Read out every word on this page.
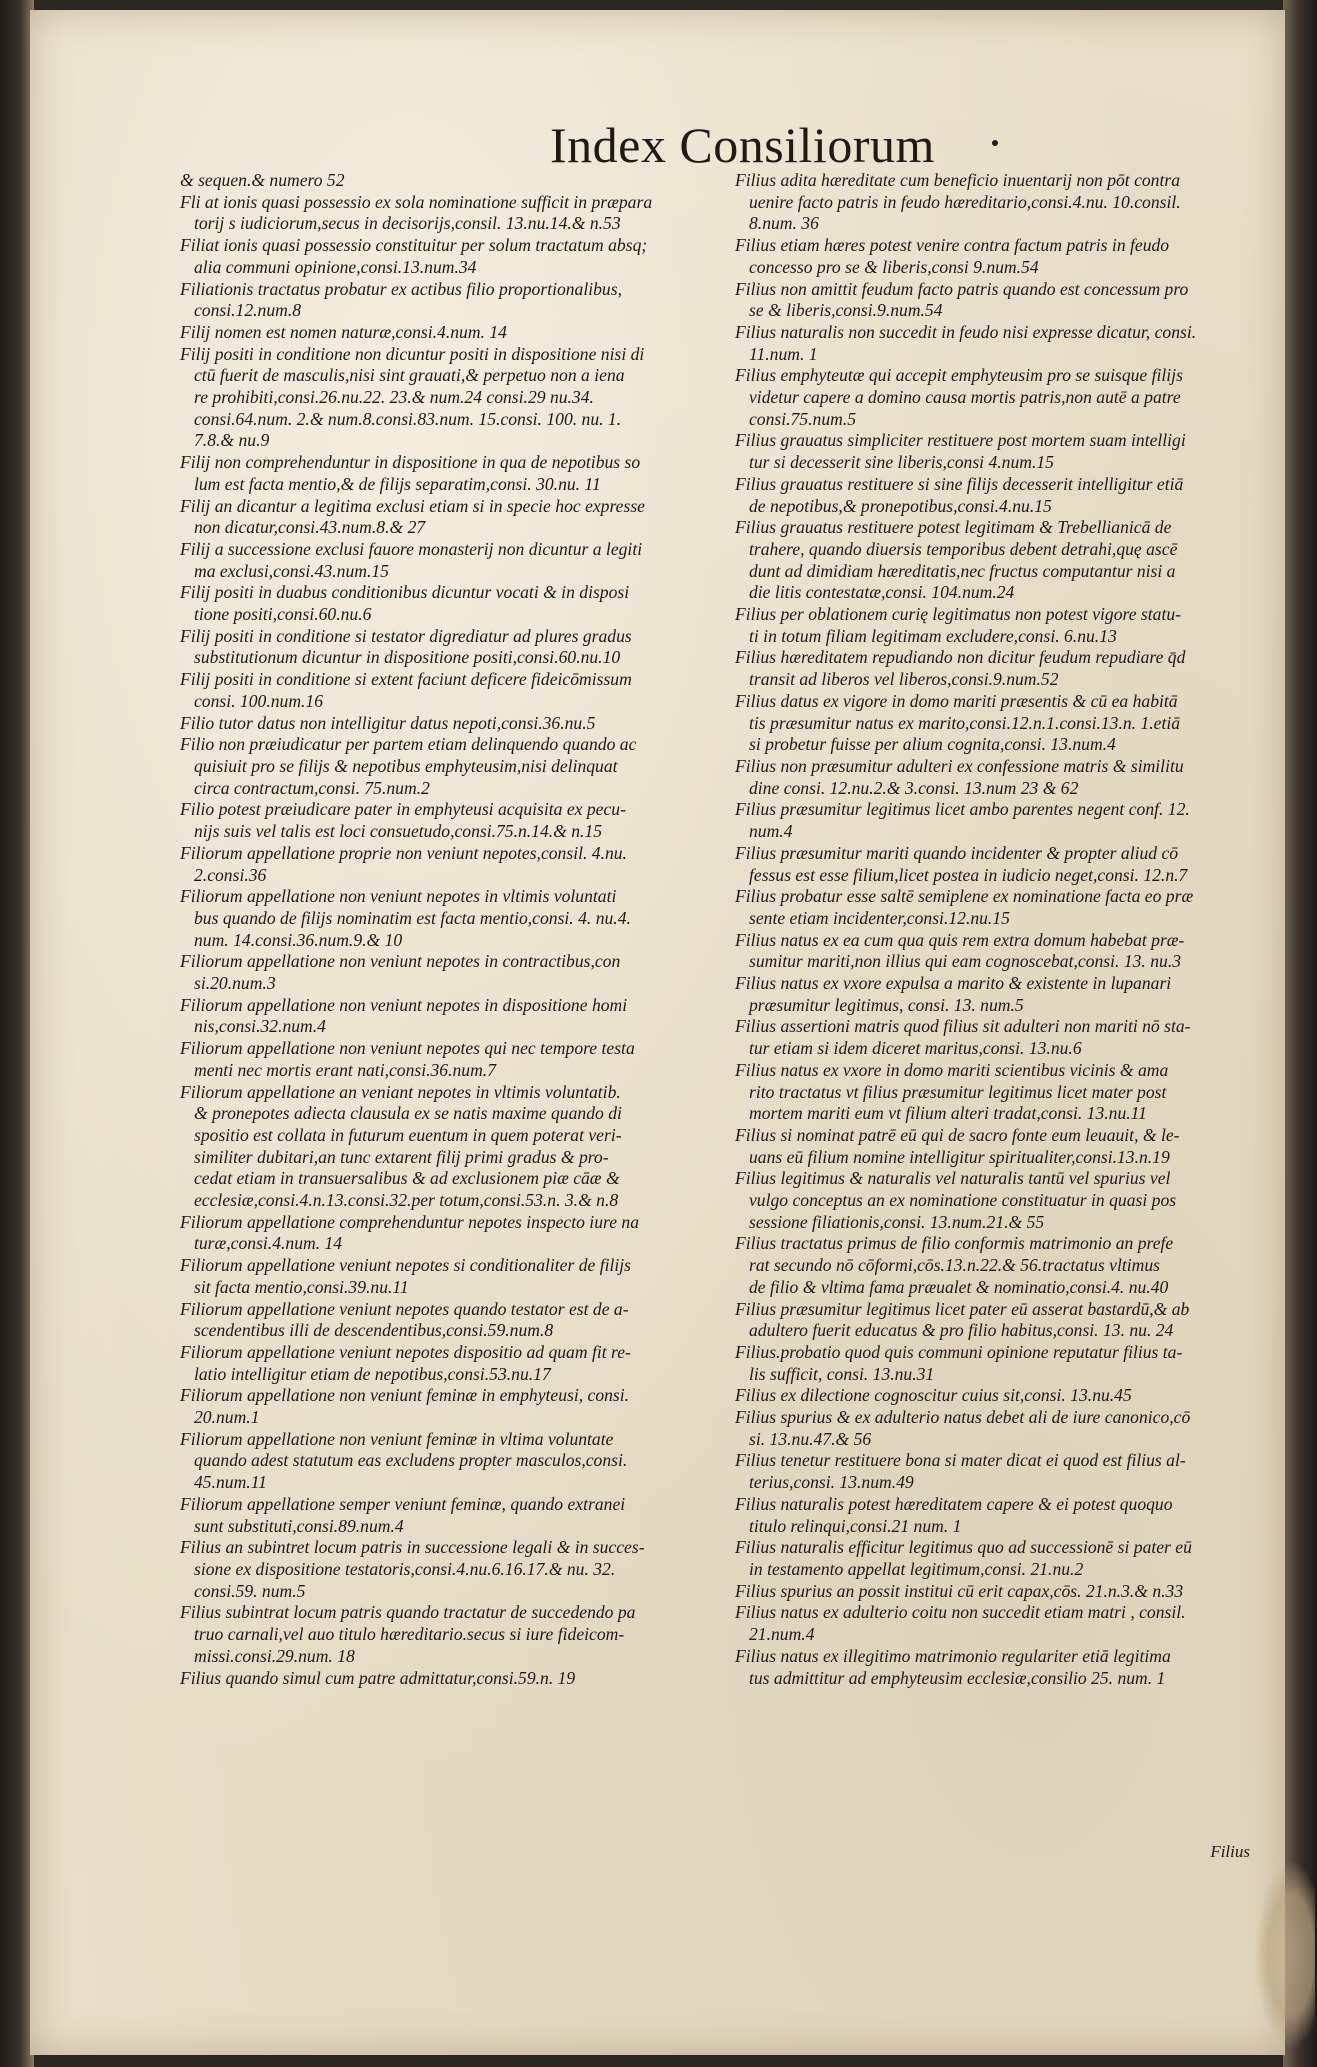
Index Consiliorum
& sequen.& numero 52

Fli at ionis quasi possessio ex sola nominatione sufficit in præpara

torij s iudiciorum,secus in decisorijs,consil. 13.nu.14.& n.53
Filiat ionis quasi possessio constituitur per solum tractatum absq;

alia communi opinione,consi.13.num.34
Filiationis tractatus probatur ex actibus filio proportionalibus,

consi.12.num.8
Filij nomen est nomen naturæ,consi.4.num. 14

Filij positi in conditione non dicuntur positi in dispositione nisi di

ctū fuerit de masculis,nisi sint grauati,& perpetuo non a iena
re prohibiti,consi.26.nu.22. 23.& num.24 consi.29 nu.34.
consi.64.num. 2.& num.8.consi.83.num. 15.consi. 100. nu. 1.
7.8.& nu.9
Filij non comprehenduntur in dispositione in qua de nepotibus so

lum est facta mentio,& de filijs separatim,consi. 30.nu. 11
Filij an dicantur a legitima exclusi etiam si in specie hoc expresse

non dicatur,consi.43.num.8.& 27
Filij a successione exclusi fauore monasterij non dicuntur a legiti

ma exclusi,consi.43.num.15
Filij positi in duabus conditionibus dicuntur vocati & in disposi

tione positi,consi.60.nu.6
Filij positi in conditione si testator digrediatur ad plures gradus

substitutionum dicuntur in dispositione positi,consi.60.nu.10
Filij positi in conditione si extent faciunt deficere fideicōmissum

consi. 100.num.16
Filio tutor datus non intelligitur datus nepoti,consi.36.nu.5

Filio non præiudicatur per partem etiam delinquendo quando ac

quisiuit pro se filijs & nepotibus emphyteusim,nisi delinquat
circa contractum,consi. 75.num.2
Filio potest præiudicare pater in emphyteusi acquisita ex pecu-

nijs suis vel talis est loci consuetudo,consi.75.n.14.& n.15
Filiorum appellatione proprie non veniunt nepotes,consil. 4.nu.

2.consi.36
Filiorum appellatione non veniunt nepotes in vltimis voluntati

bus quando de filijs nominatim est facta mentio,consi. 4. nu.4.
num. 14.consi.36.num.9.& 10
Filiorum appellatione non veniunt nepotes in contractibus,con

si.20.num.3
Filiorum appellatione non veniunt nepotes in dispositione homi

nis,consi.32.num.4
Filiorum appellatione non veniunt nepotes qui nec tempore testa

menti nec mortis erant nati,consi.36.num.7
Filiorum appellatione an veniant nepotes in vltimis voluntatib.

& pronepotes adiecta clausula ex se natis maxime quando di
spositio est collata in futurum euentum in quem poterat veri-
similiter dubitari,an tunc extarent filij primi gradus & pro-
cedat etiam in transuersalibus & ad exclusionem piæ cāæ &
ecclesiæ,consi.4.n.13.consi.32.per totum,consi.53.n. 3.& n.8
Filiorum appellatione comprehenduntur nepotes inspecto iure na

turæ,consi.4.num. 14
Filiorum appellatione veniunt nepotes si conditionaliter de filijs

sit facta mentio,consi.39.nu.11
Filiorum appellatione veniunt nepotes quando testator est de a-

scendentibus illi de descendentibus,consi.59.num.8
Filiorum appellatione veniunt nepotes dispositio ad quam fit re-

latio intelligitur etiam de nepotibus,consi.53.nu.17
Filiorum appellatione non veniunt feminæ in emphyteusi, consi.

20.num.1
Filiorum appellatione non veniunt feminæ in vltima voluntate

quando adest statutum eas excludens propter masculos,consi.
45.num.11
Filiorum appellatione semper veniunt feminæ, quando extranei

sunt substituti,consi.89.num.4
Filius an subintret locum patris in successione legali & in succes-

sione ex dispositione testatoris,consi.4.nu.6.16.17.& nu. 32.
consi.59. num.5
Filius subintrat locum patris quando tractatur de succedendo pa

truo carnali,vel auo titulo hæreditario.secus si iure fideicom-
missi.consi.29.num. 18
Filius quando simul cum patre admittatur,consi.59.n. 19

Filius adita hæreditate cum beneficio inuentarij non pōt contra

uenire facto patris in feudo hæreditario,consi.4.nu. 10.consil.
8.num. 36
Filius etiam hæres potest venire contra factum patris in feudo

concesso pro se & liberis,consi 9.num.54
Filius non amittit feudum facto patris quando est concessum pro

se & liberis,consi.9.num.54
Filius naturalis non succedit in feudo nisi expresse dicatur, consi.

11.num. 1
Filius emphyteutæ qui accepit emphyteusim pro se suisque filijs

videtur capere a domino causa mortis patris,non autē a patre
consi.75.num.5
Filius grauatus simpliciter restituere post mortem suam intelligi

tur si decesserit sine liberis,consi 4.num.15
Filius grauatus restituere si sine filijs decesserit intelligitur etiā

de nepotibus,& pronepotibus,consi.4.nu.15
Filius grauatus restituere potest legitimam & Trebellianicā de

trahere, quando diuersis temporibus debent detrahi,quę ascē
dunt ad dimidiam hæreditatis,nec fructus computantur nisi a
die litis contestatæ,consi. 104.num.24
Filius per oblationem curię legitimatus non potest vigore statu-

ti in totum filiam legitimam excludere,consi. 6.nu.13
Filius hæreditatem repudiando non dicitur feudum repudiare q̄d

transit ad liberos vel liberos,consi.9.num.52
Filius datus ex vigore in domo mariti præsentis & cū ea habitā

tis præsumitur natus ex marito,consi.12.n.1.consi.13.n. 1.etiā
si probetur fuisse per alium cognita,consi. 13.num.4
Filius non præsumitur adulteri ex confessione matris & similitu

dine consi. 12.nu.2.& 3.consi. 13.num 23 & 62
Filius præsumitur legitimus licet ambo parentes negent conf. 12.

num.4
Filius præsumitur mariti quando incidenter & propter aliud cō

fessus est esse filium,licet postea in iudicio neget,consi. 12.n.7
Filius probatur esse saltē semiplene ex nominatione facta eo præ

sente etiam incidenter,consi.12.nu.15
Filius natus ex ea cum qua quis rem extra domum habebat præ-

sumitur mariti,non illius qui eam cognoscebat,consi. 13. nu.3
Filius natus ex vxore expulsa a marito & existente in lupanari

præsumitur legitimus, consi. 13. num.5
Filius assertioni matris quod filius sit adulteri non mariti nō sta-

tur etiam si idem diceret maritus,consi. 13.nu.6
Filius natus ex vxore in domo mariti scientibus vicinis & ama

rito tractatus vt filius præsumitur legitimus licet mater post
mortem mariti eum vt filium alteri tradat,consi. 13.nu.11
Filius si nominat patrē eū qui de sacro fonte eum leuauit, & le-

uans eū filium nomine intelligitur spiritualiter,consi.13.n.19
Filius legitimus & naturalis vel naturalis tantū vel spurius vel

vulgo conceptus an ex nominatione constituatur in quasi pos
sessione filiationis,consi. 13.num.21.& 55
Filius tractatus primus de filio conformis matrimonio an prefe

rat secundo nō cōformi,cōs.13.n.22.& 56.tractatus vltimus
de filio & vltima fama præualet & nominatio,consi.4. nu.40
Filius præsumitur legitimus licet pater eū asserat bastardū,& ab

adultero fuerit educatus & pro filio habitus,consi. 13. nu. 24
Filius.probatio quod quis communi opinione reputatur filius ta-

lis sufficit, consi. 13.nu.31
Filius ex dilectione cognoscitur cuius sit,consi. 13.nu.45

Filius spurius & ex adulterio natus debet ali de iure canonico,cō

si. 13.nu.47.& 56
Filius tenetur restituere bona si mater dicat ei quod est filius al-

terius,consi. 13.num.49
Filius naturalis potest hæreditatem capere & ei potest quoquo

titulo relinqui,consi.21 num. 1
Filius naturalis efficitur legitimus quo ad successionē si pater eū

in testamento appellat legitimum,consi. 21.nu.2
Filius spurius an possit institui cū erit capax,cōs. 21.n.3.& n.33

Filius natus ex adulterio coitu non succedit etiam matri , consil.

21.num.4
Filius natus ex illegitimo matrimonio regulariter etiā legitima

tus admittitur ad emphyteusim ecclesiæ,consilio 25. num. 1
Filius
